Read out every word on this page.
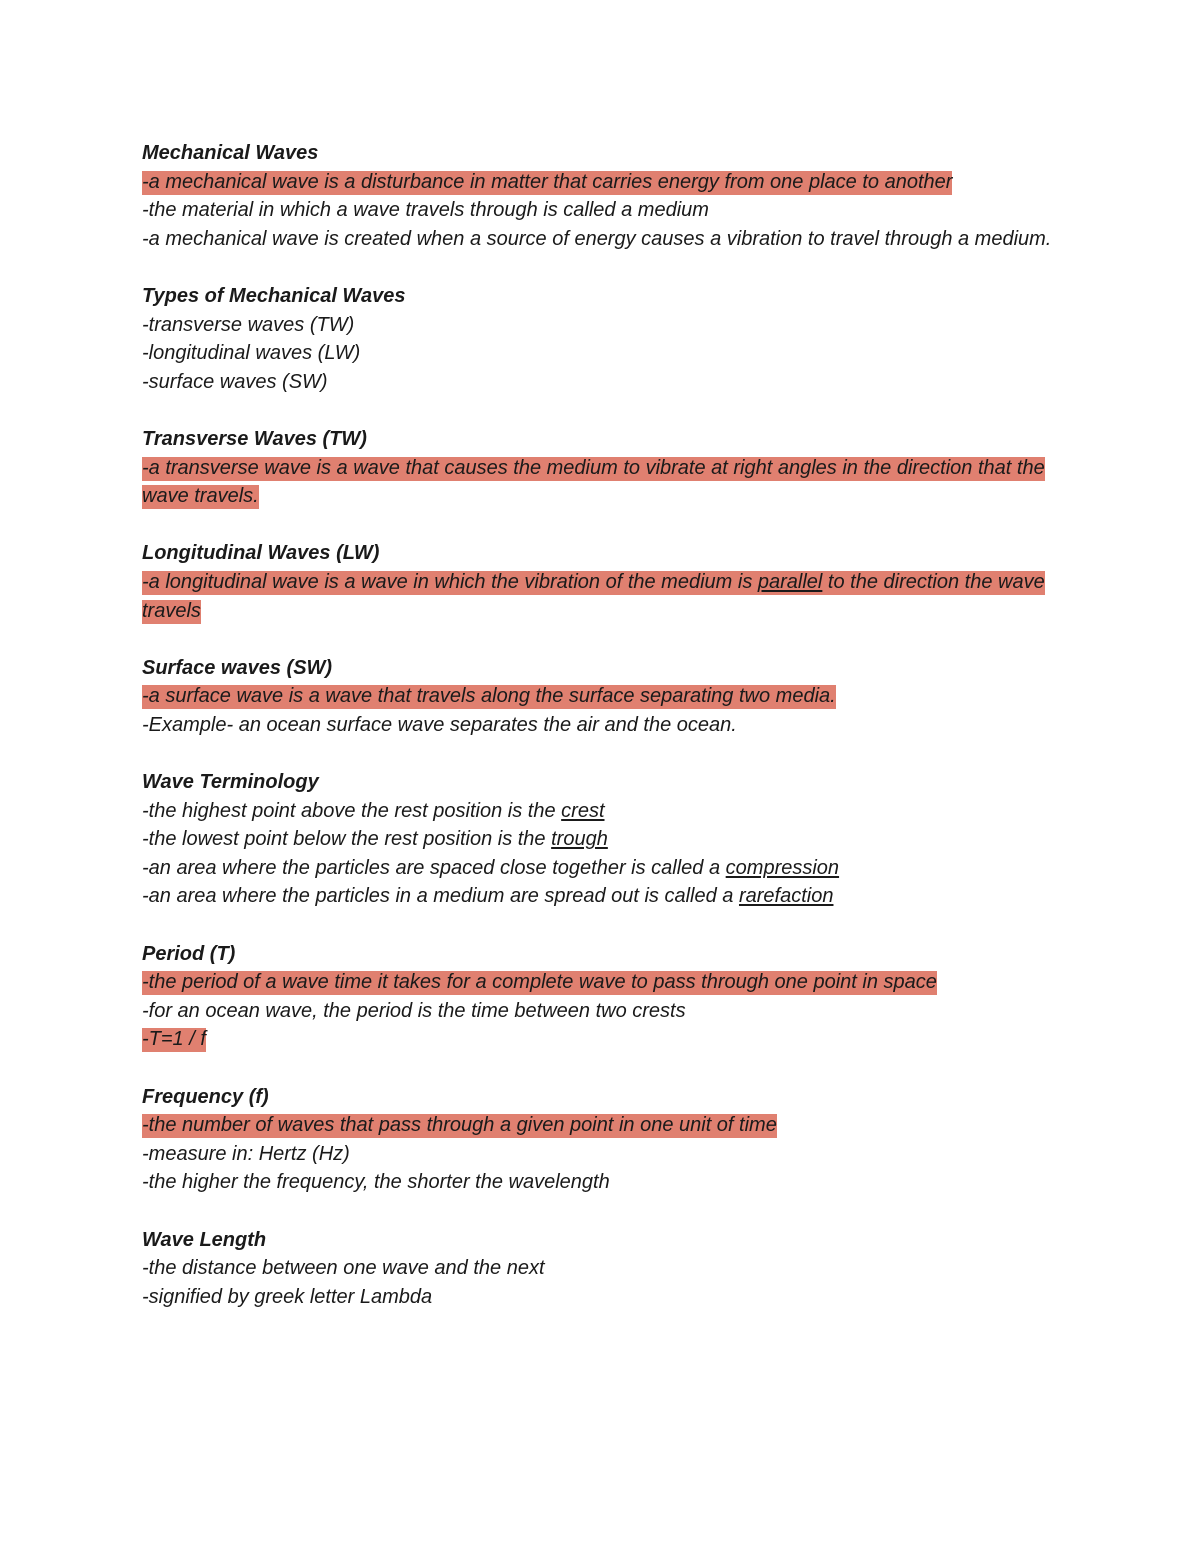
Mechanical Waves
-a mechanical wave is a disturbance in matter that carries energy from one place to another
-the material in which a wave travels through is called a medium
-a mechanical wave is created when a source of energy causes a vibration to travel through a medium.
Types of Mechanical Waves
-transverse waves (TW)
-longitudinal waves (LW)
-surface waves (SW)
Transverse Waves (TW)
-a transverse wave is a wave that causes the medium to vibrate at right angles in the direction that the wave travels.
Longitudinal Waves (LW)
-a longitudinal wave is a wave in which the vibration of the medium is parallel to the direction the wave travels
Surface waves (SW)
-a surface wave is a wave that travels along the surface separating two media.
-Example- an ocean surface wave separates the air and the ocean.
Wave Terminology
-the highest point above the rest position is the crest
-the lowest point below the rest position is the trough
-an area where the particles are spaced close together is called a compression
-an area where the particles in a medium are spread out is called a rarefaction
Period (T)
-the period of a wave time it takes for a complete wave to pass through one point in space
-for an ocean wave, the period is the time between two crests
-T=1 / f
Frequency (f)
-the number of waves that pass through a given point in one unit of time
-measure in: Hertz (Hz)
-the higher the frequency, the shorter the wavelength
Wave Length
-the distance between one wave and the next
-signified by greek letter Lambda
